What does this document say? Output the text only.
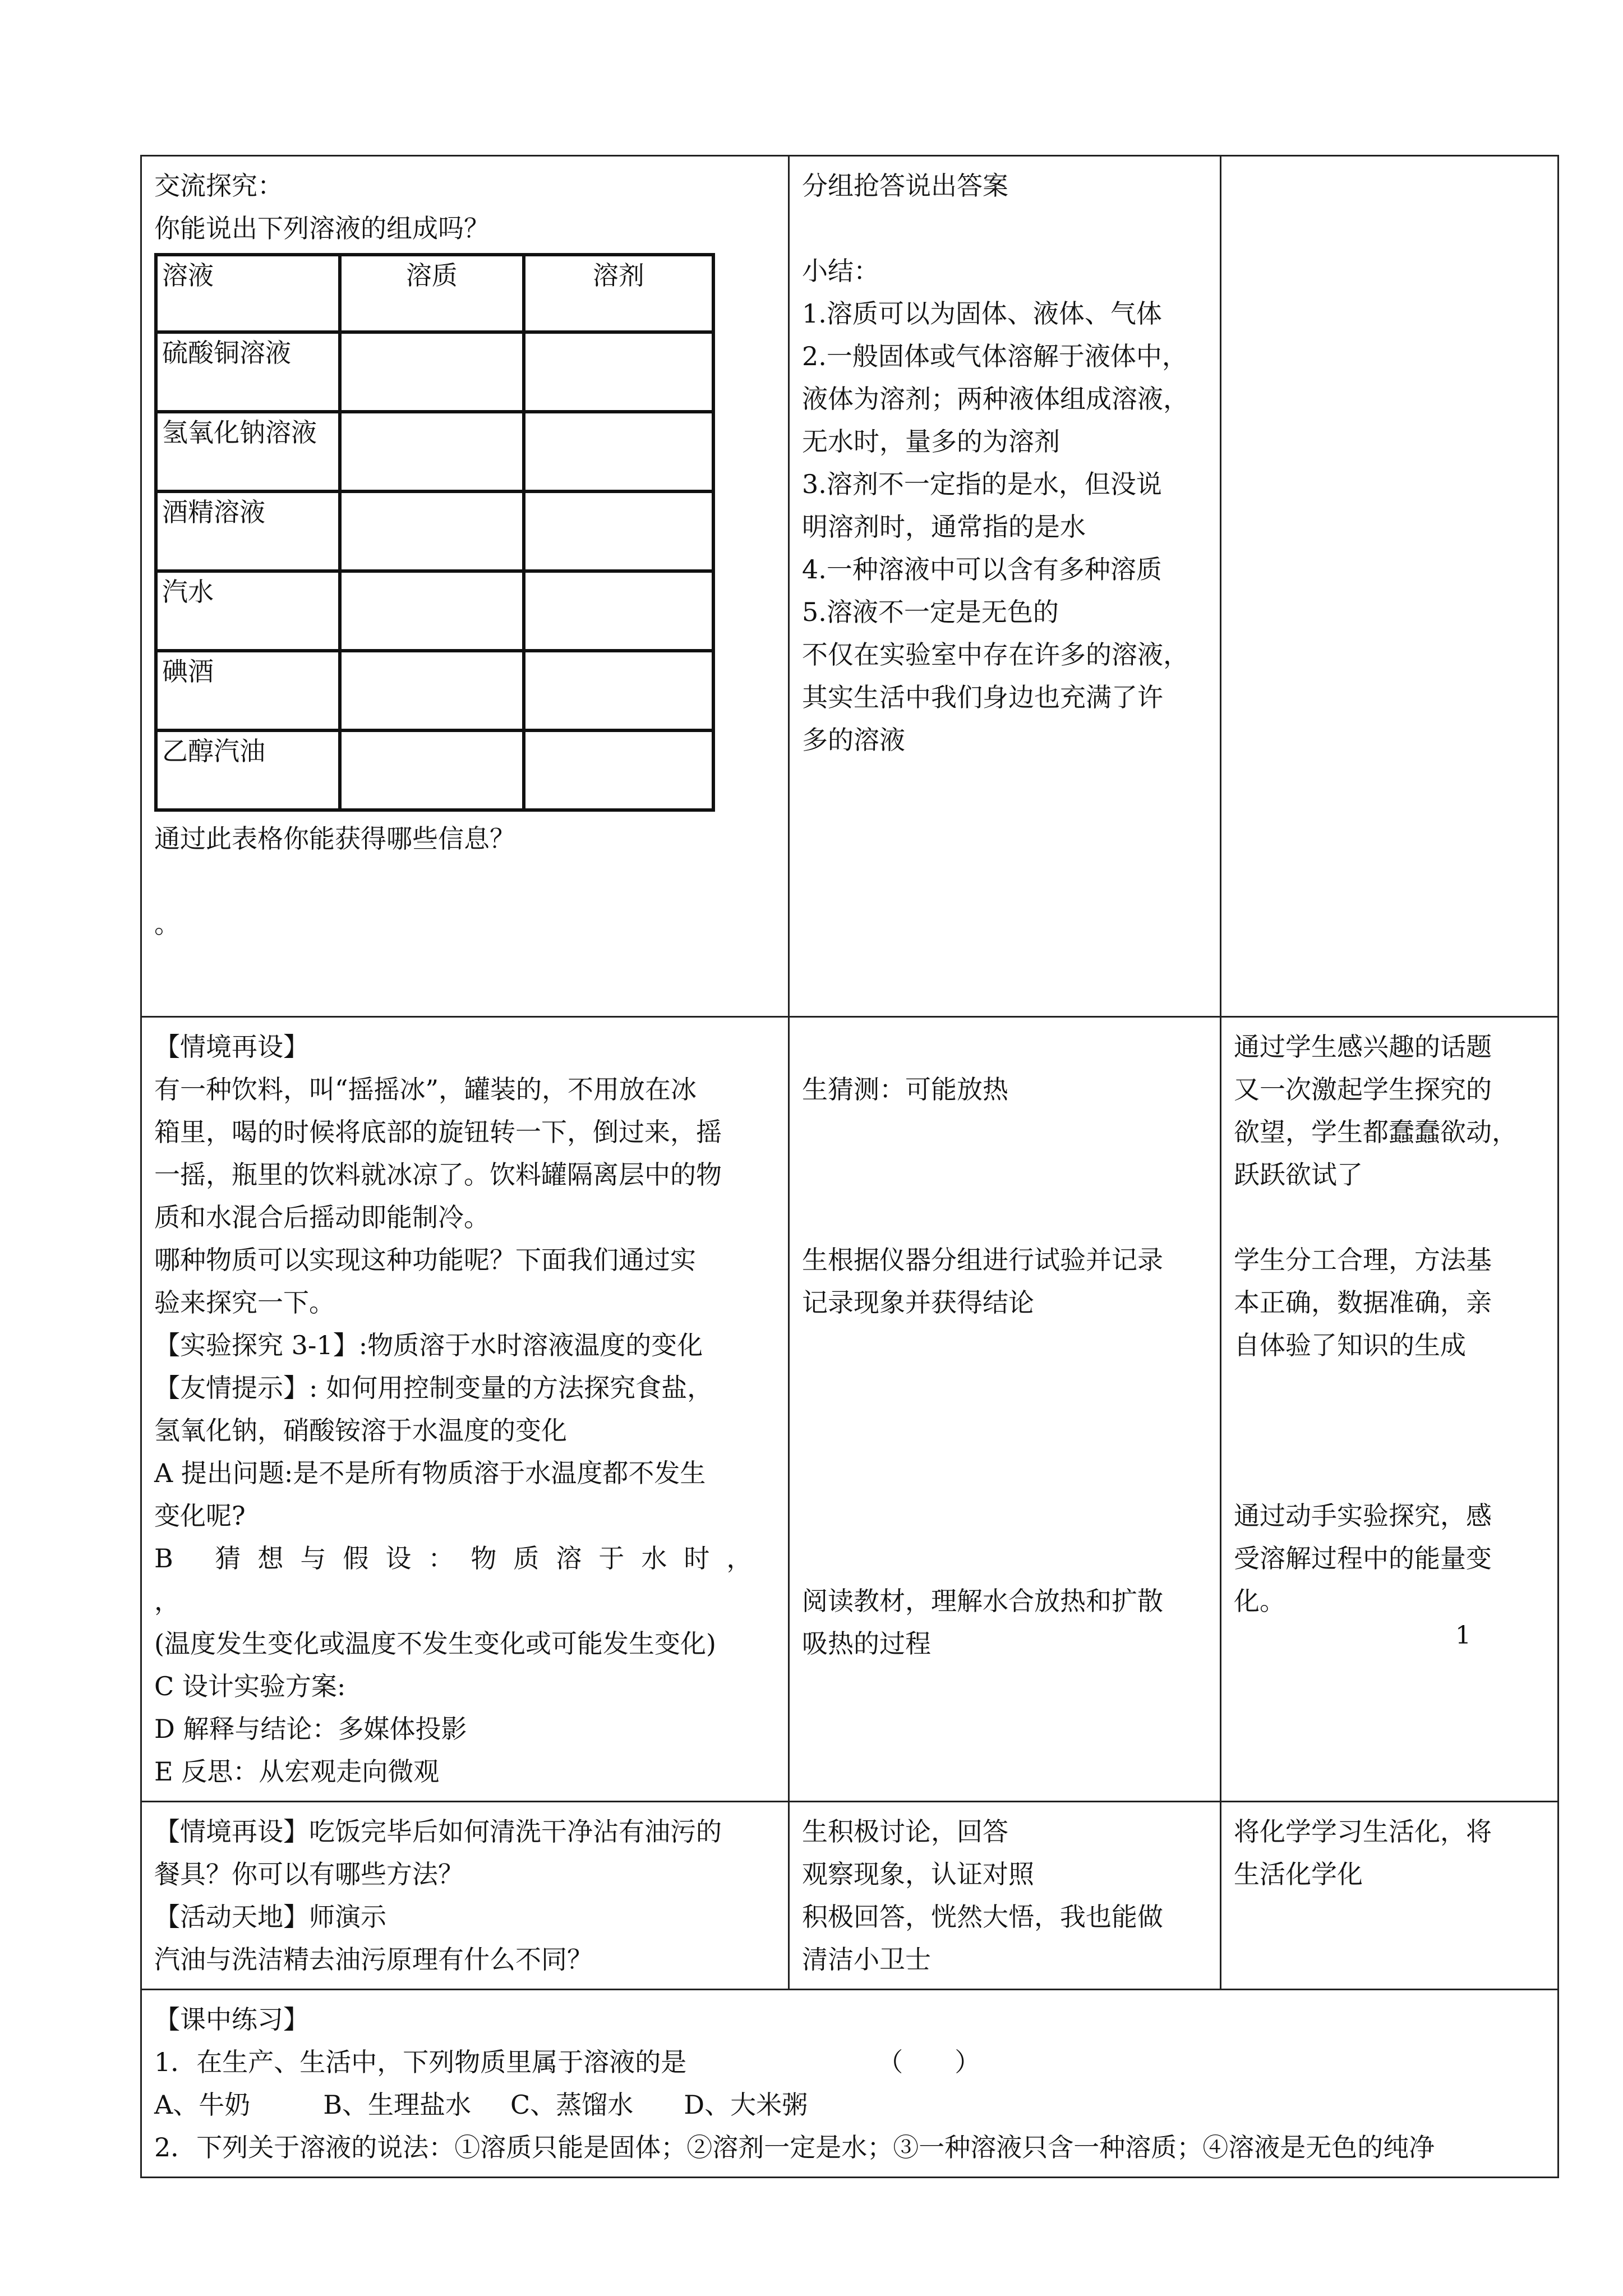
交流探究：
你能说出下列溶液的组成吗？
溶液	溶质	溶剂
硫酸铜溶液		
氢氧化钠溶液		
酒精溶液		
汽水		
碘酒		
乙醇汽油		
通过此表格你能获得哪些信息？
。

分组抢答说出答案
小结：
1.溶质可以为固体、液体、气体
2.一般固体或气体溶解于液体中，
液体为溶剂；两种液体组成溶液，
无水时，量多的为溶剂
3.溶剂不一定指的是水，但没说
明溶剂时，通常指的是水
4.一种溶液中可以含有多种溶质
5.溶液不一定是无色的
不仅在实验室中存在许多的溶液，
其实生活中我们身边也充满了许
多的溶液

【情境再设】
有一种饮料，叫“摇摇冰”，罐装的，不用放在冰
箱里，喝的时候将底部的旋钮转一下，倒过来，摇
一摇，瓶里的饮料就冰凉了。饮料罐隔离层中的物
质和水混合后摇动即能制冷。
哪种物质可以实现这种功能呢？下面我们通过实
验来探究一下。
【实验探究 3-1】:物质溶于水时溶液温度的变化
【友情提示】: 如何用控制变量的方法探究食盐，
氢氧化钠，硝酸铵溶于水温度的变化
A 提出问题:是不是所有物质溶于水温度都不发生
变化呢?
B 猜想与假设：物质溶于水时，
，
(温度发生变化或温度不发生变化或可能发生变化)
C 设计实验方案:
D 解释与结论：多媒体投影
E 反思：从宏观走向微观

生猜测：可能放热
生根据仪器分组进行试验并记录
记录现象并获得结论
阅读教材，理解水合放热和扩散
吸热的过程

通过学生感兴趣的话题
又一次激起学生探究的
欲望，学生都蠢蠢欲动，
跃跃欲试了
学生分工合理，方法基
本正确，数据准确，亲
自体验了知识的生成
通过动手实验探究，感
受溶解过程中的能量变
化。

【情境再设】吃饭完毕后如何清洗干净沾有油污的
餐具？你可以有哪些方法？
【活动天地】师演示
汽油与洗洁精去油污原理有什么不同？

生积极讨论，回答
观察现象，认证对照
积极回答，恍然大悟，我也能做
清洁小卫士

将化学学习生活化，将
生活化学化

【课中练习】
1．在生产、生活中，下列物质里属于溶液的是	（　　）
A、牛奶	B、生理盐水 C、蒸馏水 D、大米粥
2．下列关于溶液的说法：①溶质只能是固体；②溶剂一定是水；③一种溶液只含一种溶质；④溶液是无色的纯净
1
